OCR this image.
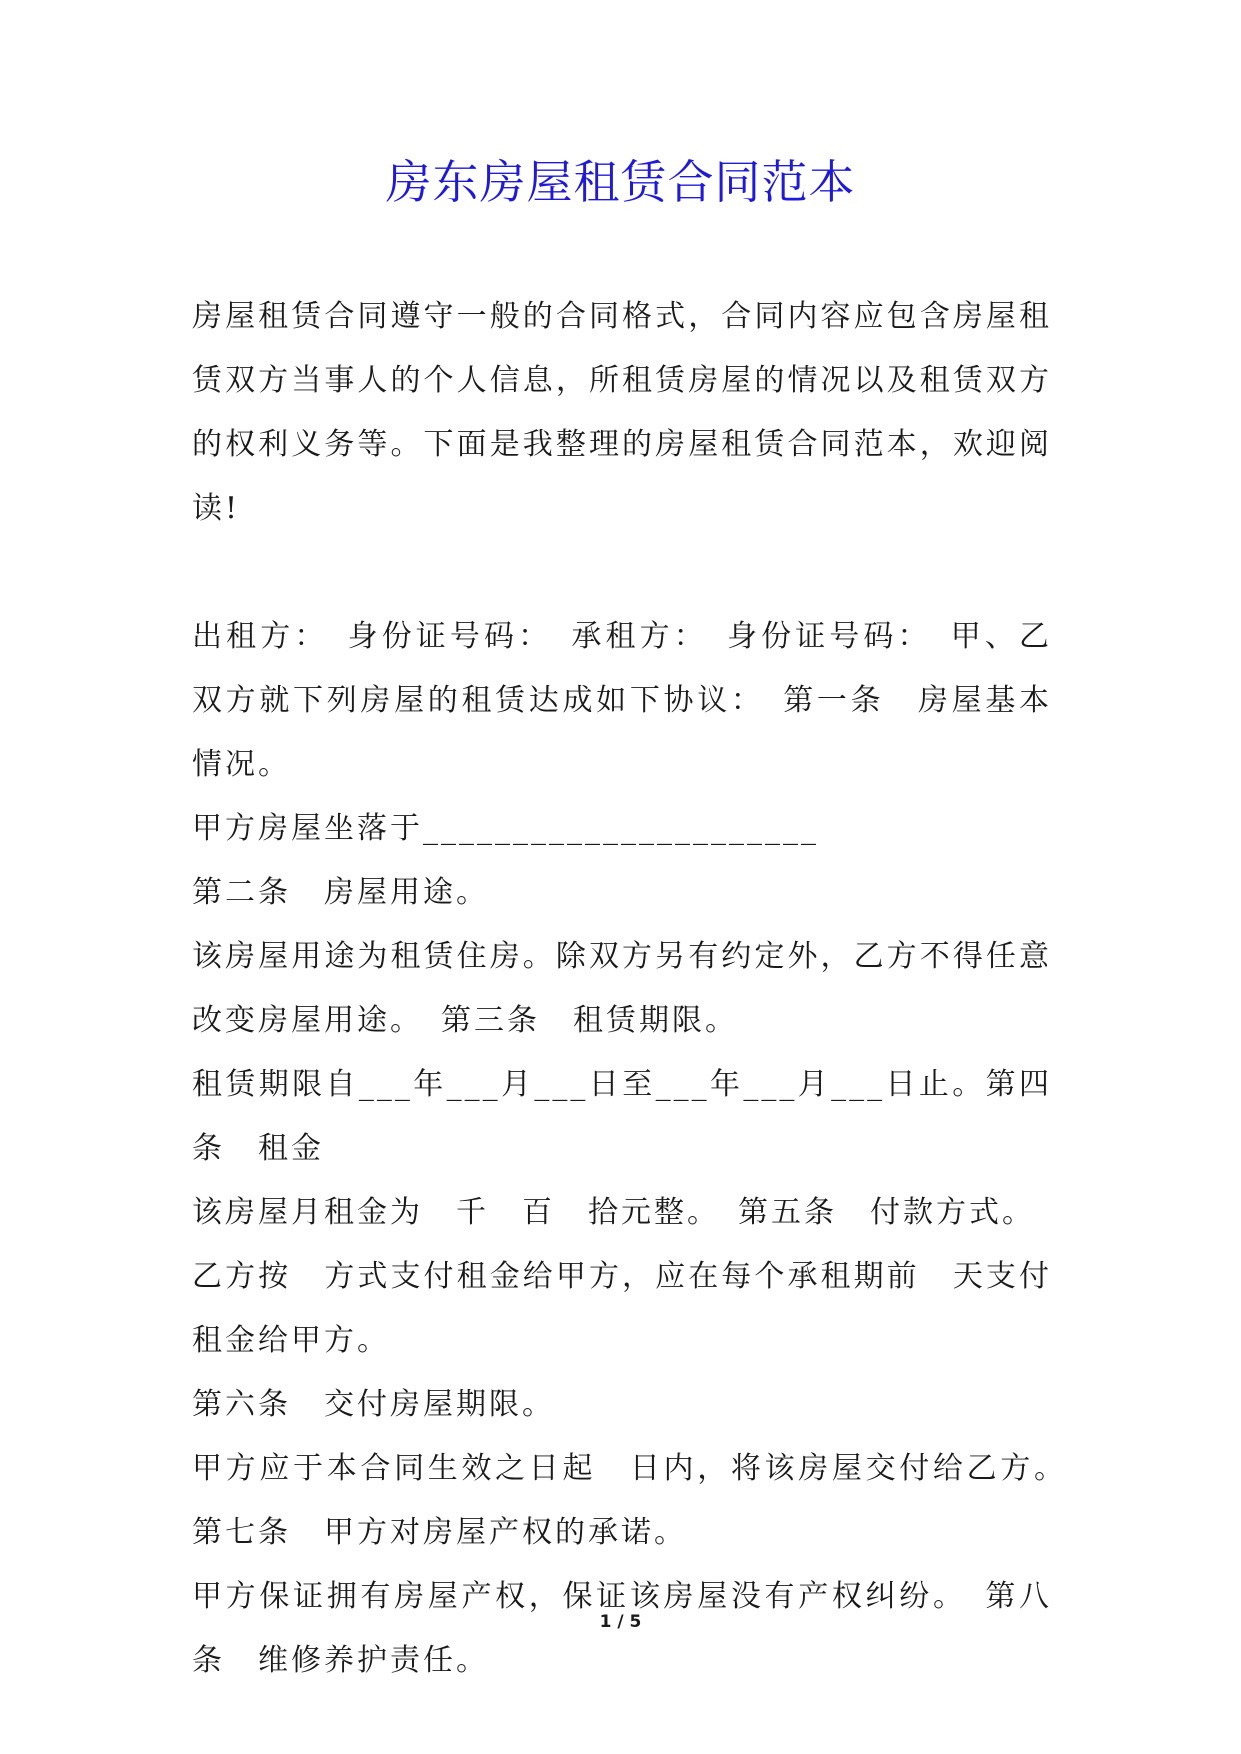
房东房屋租赁合同范本

房屋租赁合同遵守一般的合同格式，合同内容应包含房屋租赁双方当事人的个人信息，所租赁房屋的情况以及租赁双方的权利义务等。下面是我整理的房屋租赁合同范本，欢迎阅读!

出租方：　身份证号码：　承租方：　身份证号码：　甲、乙双方就下列房屋的租赁达成如下协议：　第一条　房屋基本情况。

甲方房屋坐落于______________________

第二条　房屋用途。

该房屋用途为租赁住房。除双方另有约定外，乙方不得任意改变房屋用途。　第三条　租赁期限。

租赁期限自___年___月___日至___年___月___日止。第四条　租金

该房屋月租金为　千　百　拾元整。　第五条　付款方式。

乙方按　方式支付租金给甲方，应在每个承租期前　天支付租金给甲方。

第六条　交付房屋期限。

甲方应于本合同生效之日起　日内，将该房屋交付给乙方。　第七条　甲方对房屋产权的承诺。

甲方保证拥有房屋产权，保证该房屋没有产权纠纷。　第八条　维修养护责任。

1 / 5
